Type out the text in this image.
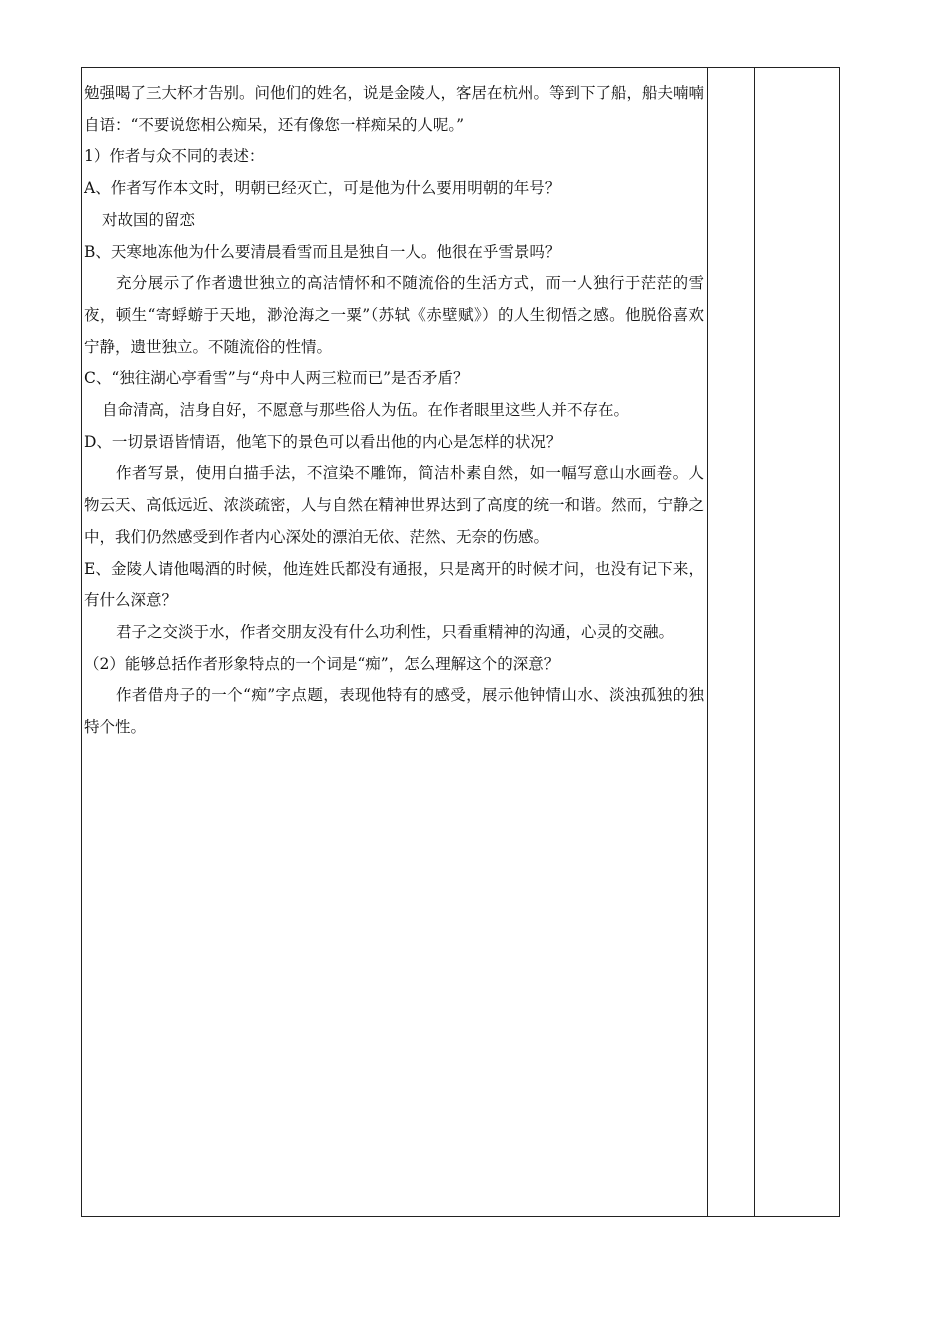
勉强喝了三大杯才告别。问他们的姓名，说是金陵人，客居在杭州。等到下了船，船夫喃喃自语：“不要说您相公痴呆，还有像您一样痴呆的人呢。”

1）作者与众不同的表述：

A、作者写作本文时，明朝已经灭亡，可是他为什么要用明朝的年号？

对故国的留恋

B、天寒地冻他为什么要清晨看雪而且是独自一人。他很在乎雪景吗？

充分展示了作者遗世独立的高洁情怀和不随流俗的生活方式，而一人独行于茫茫的雪夜，顿生“寄蜉蝣于天地，渺沧海之一粟”（苏轼《赤壁赋》）的人生彻悟之感。他脱俗喜欢宁静，遗世独立。不随流俗的性情。

C、“独往湖心亭看雪”与“舟中人两三粒而已”是否矛盾？

自命清高，洁身自好，不愿意与那些俗人为伍。在作者眼里这些人并不存在。

D、一切景语皆情语，他笔下的景色可以看出他的内心是怎样的状况？

作者写景，使用白描手法，不渲染不雕饰，简洁朴素自然，如一幅写意山水画卷。人物云天、高低远近、浓淡疏密，人与自然在精神世界达到了高度的统一和谐。然而，宁静之中，我们仍然感受到作者内心深处的漂泊无依、茫然、无奈的伤感。

E、金陵人请他喝酒的时候，他连姓氏都没有通报，只是离开的时候才问，也没有记下来，有什么深意？

君子之交淡于水，作者交朋友没有什么功利性，只看重精神的沟通，心灵的交融。

（2）能够总括作者形象特点的一个词是“痴”，怎么理解这个的深意？

作者借舟子的一个“痴”字点题，表现他特有的感受，展示他钟情山水、淡浊孤独的独特个性。
